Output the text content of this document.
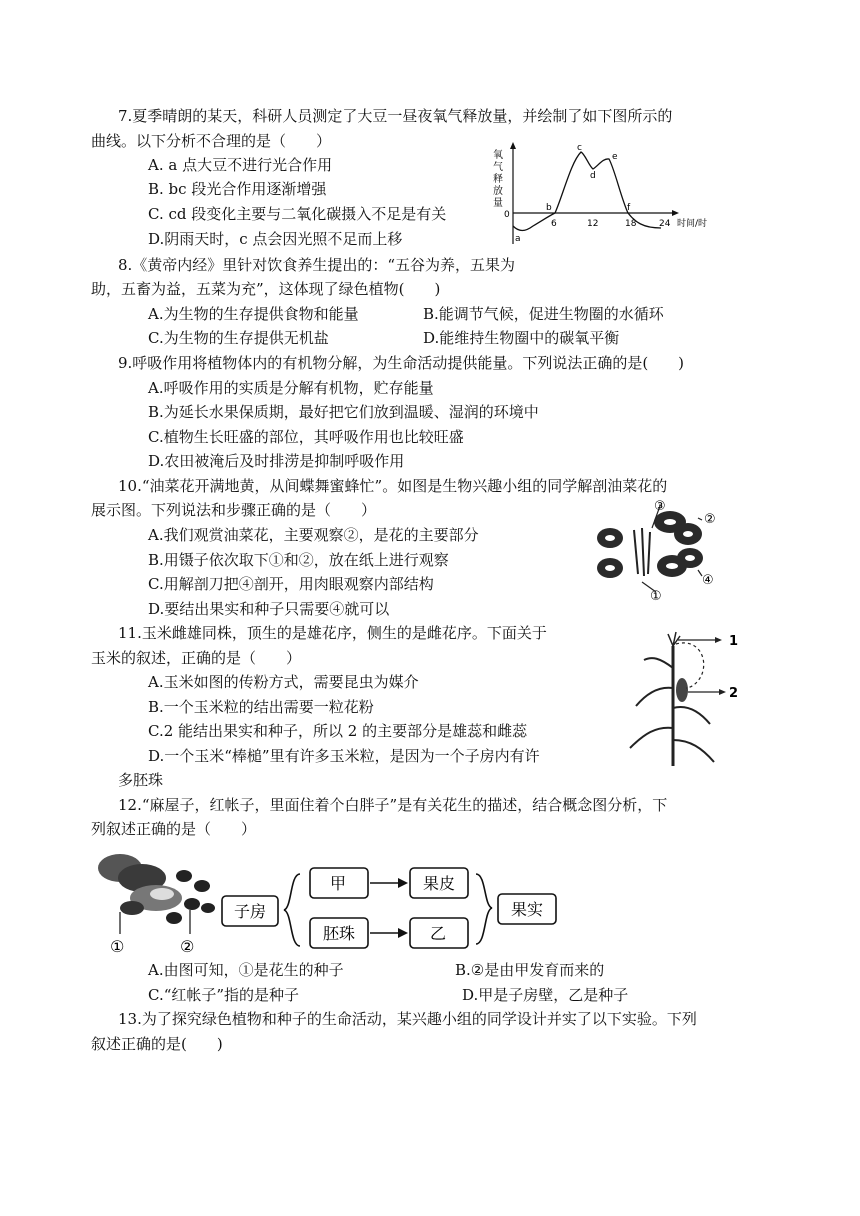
7.夏季晴朗的某天，科研人员测定了大豆一昼夜氧气释放量，并绘制了如下图所示的
曲线。以下分析不合理的是（　　）
A. a 点大豆不进行光合作用
B. bc 段光合作用逐渐增强
C. cd 段变化主要与二氧化碳摄入不足是有关
D.阴雨天时，c 点会因光照不足而上移
氧
气
释
放
量
0
6	12	18	24 时间/时
a
b
c
d
e
f
8.《黄帝内经》里针对饮食养生提出的：“五谷为养，五果为
助，五畜为益，五菜为充”，这体现了绿色植物(　　)
A.为生物的生存提供食物和能量	B.能调节气候，促进生物圈的水循环
C.为生物的生存提供无机盐	D.能维持生物圈中的碳氧平衡
9.呼吸作用将植物体内的有机物分解，为生命活动提供能量。下列说法正确的是(　　)
A.呼吸作用的实质是分解有机物，贮存能量
B.为延长水果保质期，最好把它们放到温暖、湿润的环境中
C.植物生长旺盛的部位，其呼吸作用也比较旺盛
D.农田被淹后及时排涝是抑制呼吸作用
10.“油菜花开满地黄，从间蝶舞蜜蜂忙”。如图是生物兴趣小组的同学解剖油菜花的
展示图。下列说法和步骤正确的是（　　）
A.我们观赏油菜花，主要观察②，是花的主要部分
B.用镊子依次取下①和②，放在纸上进行观察
C.用解剖刀把④剖开，用肉眼观察内部结构
D.要结出果实和种子只需要④就可以
③
②
①
④
11.玉米雌雄同株，顶生的是雄花序，侧生的是雌花序。下面关于
玉米的叙述，正确的是（　　）
A.玉米如图的传粉方式，需要昆虫为媒介
B.一个玉米粒的结出需要一粒花粉
C.2 能结出果实和种子，所以 2 的主要部分是雄蕊和雌蕊
D.一个玉米“棒槌”里有许多玉米粒，是因为一个子房内有许
多胚珠
1
2
12.“麻屋子，红帐子，里面住着个白胖子”是有关花生的描述，结合概念图分析，下
列叙述正确的是（　　）
①	②
子房
甲
胚珠
果皮
乙
果实
A.由图可知，①是花生的种子	B.②是由甲发育而来的
C.“红帐子”指的是种子	D.甲是子房壁，乙是种子
13.为了探究绿色植物和种子的生命活动，某兴趣小组的同学设计并实了以下实验。下列
叙述正确的是(　　)
